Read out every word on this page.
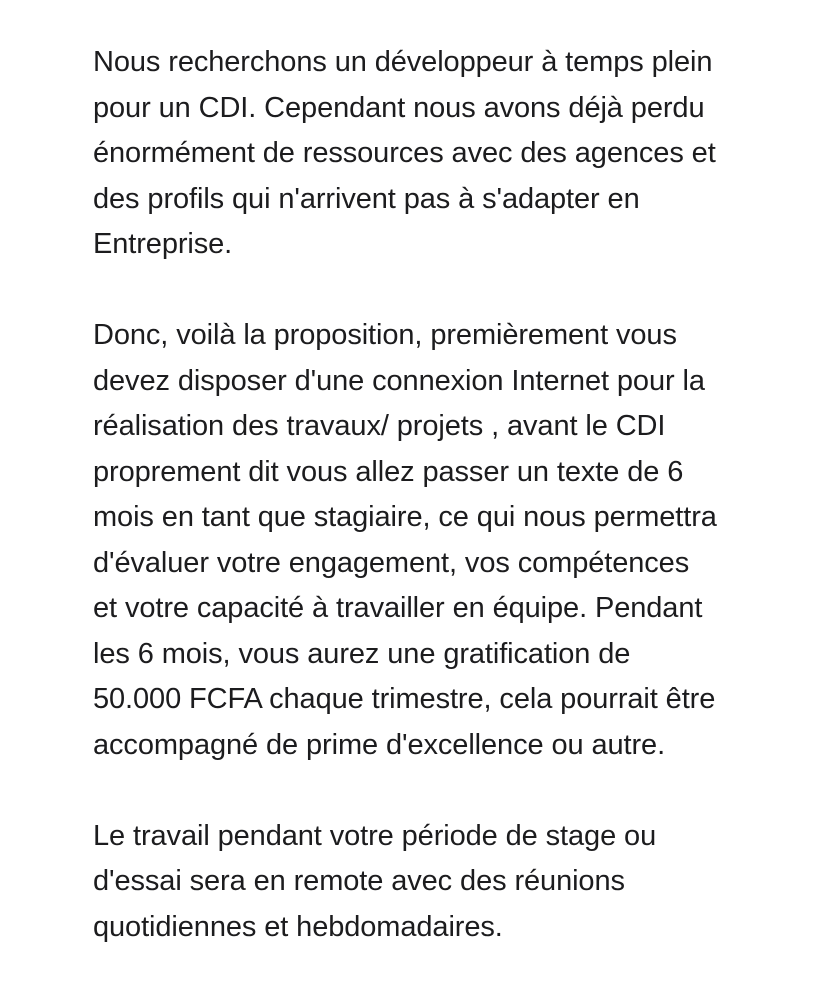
Nous recherchons un développeur à temps plein
pour un CDI. Cependant nous avons déjà perdu
énormément de ressources avec des agences et
des profils qui n'arrivent pas à s'adapter en
Entreprise.

Donc, voilà la proposition, premièrement vous
devez disposer d'une connexion Internet pour la
réalisation des travaux/ projets , avant le CDI
proprement dit vous allez passer un texte de 6
mois en tant que stagiaire, ce qui nous permettra
d'évaluer votre engagement, vos compétences
et votre capacité à travailler en équipe. Pendant
les 6 mois, vous aurez une gratification de
50.000 FCFA chaque trimestre, cela pourrait être
accompagné de prime d'excellence ou autre.

Le travail pendant votre période de stage ou
d'essai sera en remote avec des réunions
quotidiennes et hebdomadaires.
